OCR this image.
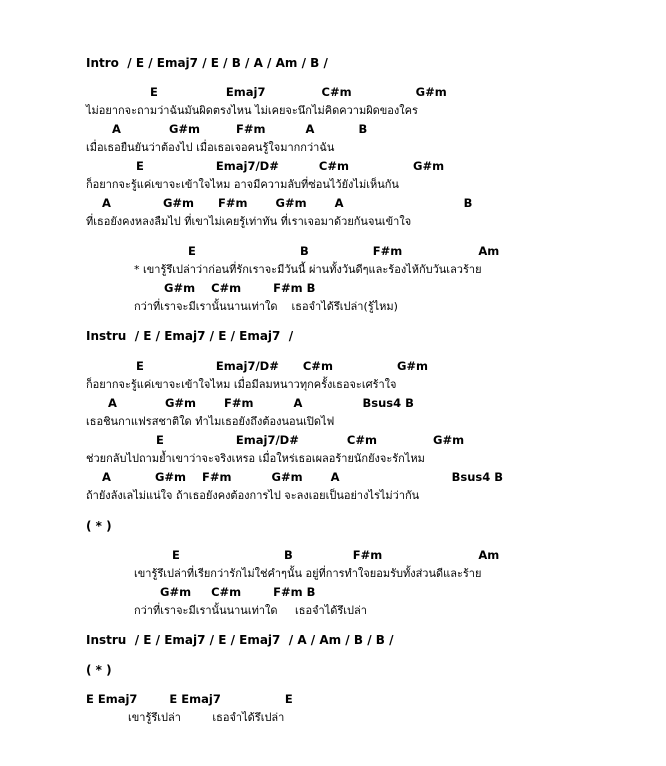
Intro  / E / Emaj7 / E / B / A / Am / B /
E                 Emaj7              C#m                G#m
ไม่อยากจะถามว่าฉันมันผิดตรงไหน ไม่เคยจะนึกไม่คิดความผิดของใคร
A            G#m         F#m          A           B
เมื่อเธอยืนยันว่าต้องไป เมื่อเธอเจอคนรู้ใจมากกว่าฉัน
E                  Emaj7/D#          C#m                G#m
ก็อยากจะรู้แค่เขาจะเข้าใจไหม อาจมีความลับที่ซ่อนไว้ยังไม่เห็นกัน
A             G#m      F#m       G#m       A                              B
ที่เธอยังคงหลงลืมไป ที่เขาไม่เคยรู้เท่าทัน ที่เราเจอมาด้วยกันจนเข้าใจ
E                          B                F#m                   Am
* เขารู้รึเปล่าว่าก่อนที่รักเราจะมีวันนี้ ผ่านทั้งวันดีๆและร้องไห้กับวันเลวร้าย
G#m    C#m        F#m B
กว่าที่เราจะมีเรานั้นนานเท่าใด    เธอจำได้รึเปล่า(รู้ไหม)
Instru  / E / Emaj7 / E / Emaj7  /
E                  Emaj7/D#      C#m                G#m
ก็อยากจะรู้แค่เขาจะเข้าใจไหม เมื่อมีลมหนาวทุกครั้งเธอจะเศร้าใจ
A            G#m       F#m          A               Bsus4 B
เธอชินกาแฟรสชาติใด ทำไมเธอยังถึงต้องนอนเปิดไฟ
E                  Emaj7/D#            C#m              G#m
ช่วยกลับไปถามย้ำเขาว่าจะจริงเหรอ เมื่อใหร่เธอเผลอร้ายนักยังจะรักไหม
A           G#m    F#m          G#m       A                            Bsus4 B
ถ้ายังลังเลไม่แน่ใจ ถ้าเธอยังคงต้องการไป จะลงเอยเป็นอย่างไรไม่ว่ากัน
( * )
E                          B               F#m                        Am
เขารู้รึเปล่าที่เรียกว่ารักไม่ใช่คำๆนั้น อยู่ที่การทำใจยอมรับทั้งส่วนดีและร้าย
G#m     C#m        F#m B
กว่าที่เราจะมีเรานั้นนานเท่าใด     เธอจำได้รึเปล่า
Instru  / E / Emaj7 / E / Emaj7  / A / Am / B / B /
( * )
E Emaj7        E Emaj7                E
เขารู้รึเปล่า         เธอจำได้รึเปล่า
